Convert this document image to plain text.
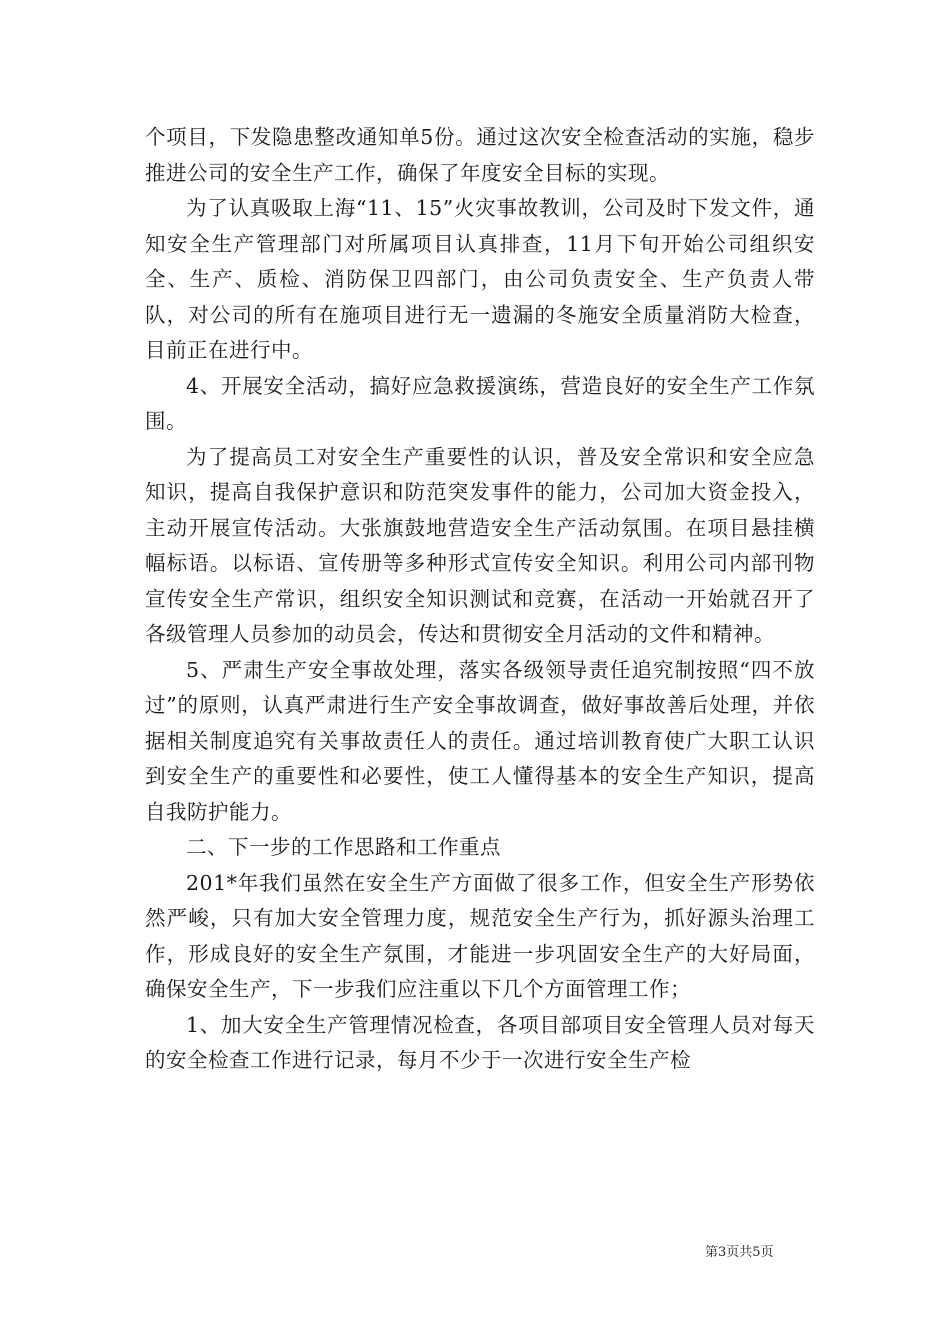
个项目，下发隐患整改通知单5份。通过这次安全检查活动的实施，稳步推进公司的安全生产工作，确保了年度安全目标的实现。

为了认真吸取上海“11、15”火灾事故教训，公司及时下发文件，通知安全生产管理部门对所属项目认真排查，11月下旬开始公司组织安全、生产、质检、消防保卫四部门，由公司负责安全、生产负责人带队，对公司的所有在施项目进行无一遗漏的冬施安全质量消防大检查，目前正在进行中。

4、开展安全活动，搞好应急救援演练，营造良好的安全生产工作氛围。

为了提高员工对安全生产重要性的认识，普及安全常识和安全应急知识，提高自我保护意识和防范突发事件的能力，公司加大资金投入，主动开展宣传活动。大张旗鼓地营造安全生产活动氛围。在项目悬挂横幅标语。以标语、宣传册等多种形式宣传安全知识。利用公司内部刊物宣传安全生产常识，组织安全知识测试和竞赛，在活动一开始就召开了各级管理人员参加的动员会，传达和贯彻安全月活动的文件和精神。

5、严肃生产安全事故处理，落实各级领导责任追究制按照“四不放过”的原则，认真严肃进行生产安全事故调查，做好事故善后处理，并依据相关制度追究有关事故责任人的责任。通过培训教育使广大职工认识到安全生产的重要性和必要性，使工人懂得基本的安全生产知识，提高自我防护能力。

二、下一步的工作思路和工作重点

201*年我们虽然在安全生产方面做了很多工作，但安全生产形势依然严峻，只有加大安全管理力度，规范安全生产行为，抓好源头治理工作，形成良好的安全生产氛围，才能进一步巩固安全生产的大好局面，确保安全生产，下一步我们应注重以下几个方面管理工作；

1、加大安全生产管理情况检查，各项目部项目安全管理人员对每天的安全检查工作进行记录，每月不少于一次进行安全生产检

第3页共5页
